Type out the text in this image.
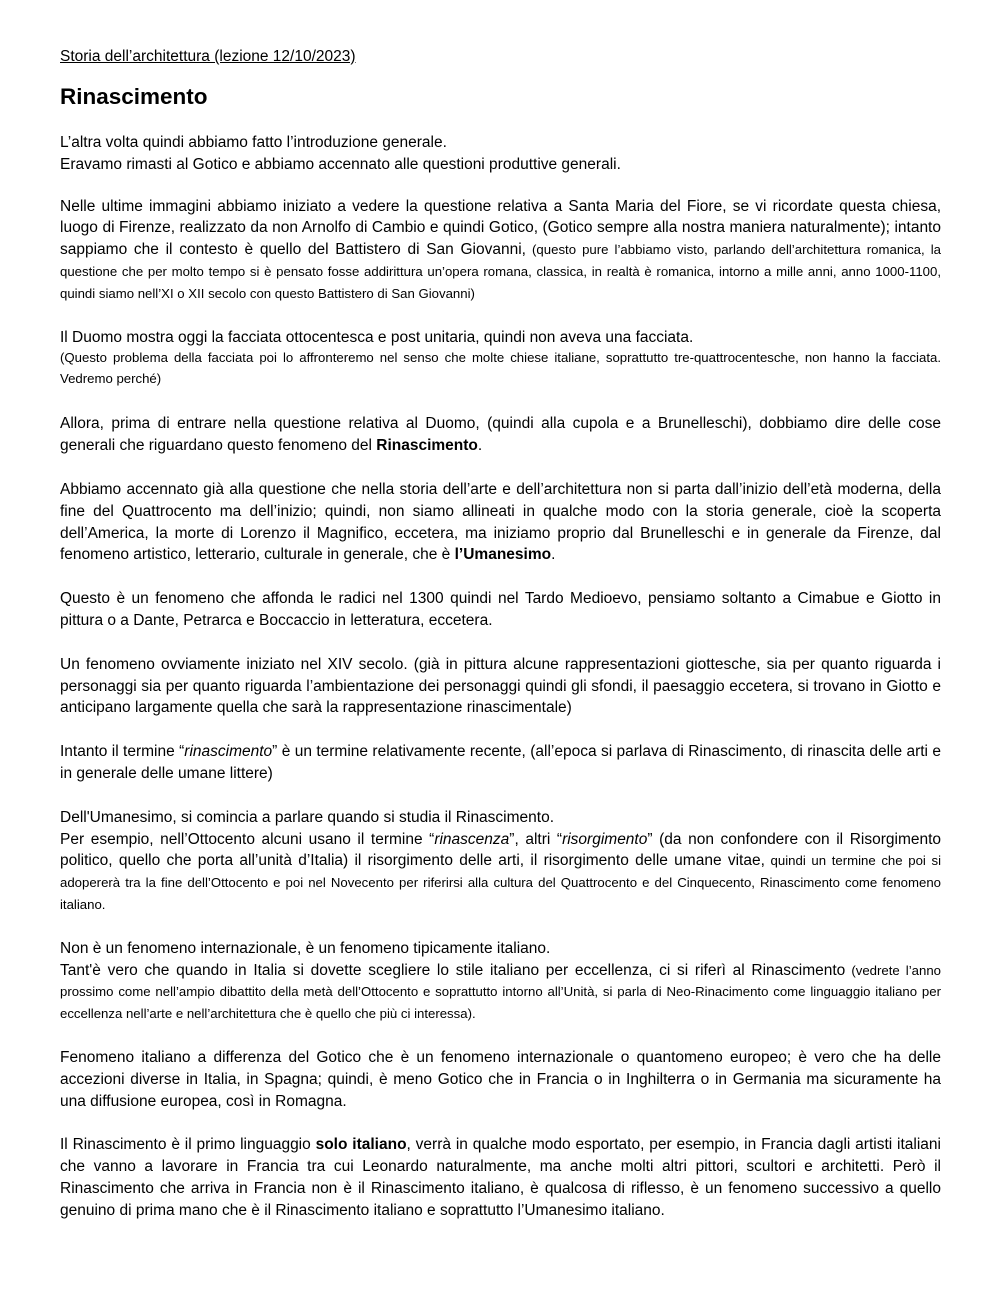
Storia dell’architettura (lezione 12/10/2023)

Rinascimento

L’altra volta quindi abbiamo fatto l’introduzione generale.
Eravamo rimasti al Gotico e abbiamo accennato alle questioni produttive generali.

Nelle ultime immagini abbiamo iniziato a vedere la questione relativa a Santa Maria del Fiore, se vi ricordate questa chiesa, luogo di Firenze, realizzato da non Arnolfo di Cambio e quindi Gotico, (Gotico sempre alla nostra maniera naturalmente); intanto sappiamo che il contesto è quello del Battistero di San Giovanni, (questo pure l’abbiamo visto, parlando dell’architettura romanica, la questione che per molto tempo si è pensato fosse addirittura un’opera romana, classica, in realtà è romanica, intorno a mille anni, anno 1000-1100, quindi siamo nell’XI o XII secolo con questo Battistero di San Giovanni)

Il Duomo mostra oggi la facciata ottocentesca e post unitaria, quindi non aveva una facciata.
(Questo problema della facciata poi lo affronteremo nel senso che molte chiese italiane, soprattutto tre-quattrocentesche, non hanno la facciata. Vedremo perché)

Allora, prima di entrare nella questione relativa al Duomo, (quindi alla cupola e a Brunelleschi), dobbiamo dire delle cose generali che riguardano questo fenomeno del Rinascimento.

Abbiamo accennato già alla questione che nella storia dell’arte e dell’architettura non si parta dall’inizio dell’età moderna, della fine del Quattrocento ma dell’inizio; quindi, non siamo allineati in qualche modo con la storia generale, cioè la scoperta dell’America, la morte di Lorenzo il Magnifico, eccetera, ma iniziamo proprio dal Brunelleschi e in generale da Firenze, dal fenomeno artistico, letterario, culturale in generale, che è l’Umanesimo.

Questo è un fenomeno che affonda le radici nel 1300 quindi nel Tardo Medioevo, pensiamo soltanto a Cimabue e Giotto in pittura o a Dante, Petrarca e Boccaccio in letteratura, eccetera.

Un fenomeno ovviamente iniziato nel XIV secolo. (già in pittura alcune rappresentazioni giottesche, sia per quanto riguarda i personaggi sia per quanto riguarda l’ambientazione dei personaggi quindi gli sfondi, il paesaggio eccetera, si trovano in Giotto e anticipano largamente quella che sarà la rappresentazione rinascimentale)

Intanto il termine “rinascimento” è un termine relativamente recente, (all’epoca si parlava di Rinascimento, di rinascita delle arti e in generale delle umane littere)

Dell'Umanesimo, si comincia a parlare quando si studia il Rinascimento.
Per esempio, nell’Ottocento alcuni usano il termine “rinascenza”, altri “risorgimento” (da non confondere con il Risorgimento politico, quello che porta all’unità d’Italia) il risorgimento delle arti, il risorgimento delle umane vitae, quindi un termine che poi si adopererà tra la fine dell’Ottocento e poi nel Novecento per riferirsi alla cultura del Quattrocento e del Cinquecento, Rinascimento come fenomeno italiano.

Non è un fenomeno internazionale, è un fenomeno tipicamente italiano.
Tant'è vero che quando in Italia si dovette scegliere lo stile italiano per eccellenza, ci si riferì al Rinascimento (vedrete l’anno prossimo come nell’ampio dibattito della metà dell’Ottocento e soprattutto intorno all’Unità, si parla di Neo-Rinacimento come linguaggio italiano per eccellenza nell’arte e nell’architettura che è quello che più ci interessa).

Fenomeno italiano a differenza del Gotico che è un fenomeno internazionale o quantomeno europeo; è vero che ha delle accezioni diverse in Italia, in Spagna; quindi, è meno Gotico che in Francia o in Inghilterra o in Germania ma sicuramente ha una diffusione europea, così in Romagna.

Il Rinascimento è il primo linguaggio solo italiano, verrà in qualche modo esportato, per esempio, in Francia dagli artisti italiani che vanno a lavorare in Francia tra cui Leonardo naturalmente, ma anche molti altri pittori, scultori e architetti. Però il Rinascimento che arriva in Francia non è il Rinascimento italiano, è qualcosa di riflesso, è un fenomeno successivo a quello genuino di prima mano che è il Rinascimento italiano e soprattutto l’Umanesimo italiano.
